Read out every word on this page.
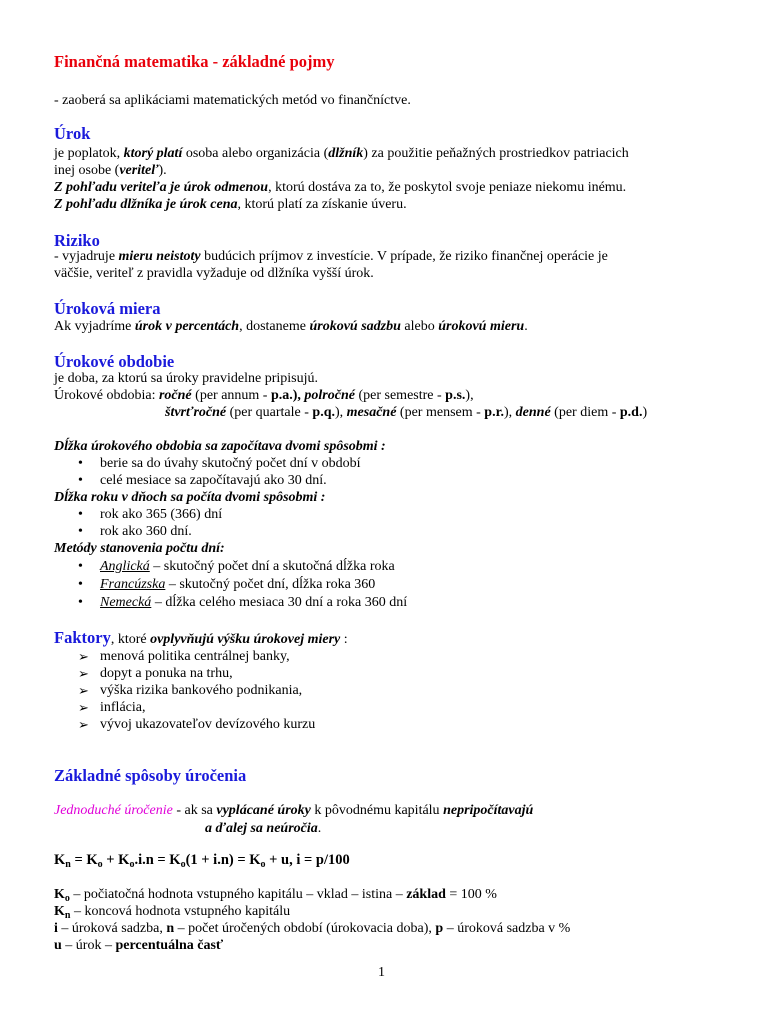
Finančná matematika - základné pojmy
- zaoberá sa aplikáciami matematických metód vo finančníctve.
Úrok
je poplatok, ktorý platí osoba alebo organizácia (dlžník) za použitie peňažných prostriedkov patriacich
inej osobe (veriteľ).
Z pohľadu veriteľa je úrok odmenou, ktorú dostáva za to, že poskytol svoje peniaze niekomu inému.
Z pohľadu dlžníka je úrok cena, ktorú platí za získanie úveru.
Riziko
- vyjadruje mieru neistoty budúcich príjmov z investície. V prípade, že riziko finančnej operácie je
väčšie, veriteľ z pravidla vyžaduje od dlžníka vyšší úrok.
Úroková miera
Ak vyjadríme úrok v percentách, dostaneme úrokovú sadzbu alebo úrokovú mieru.
Úrokové obdobie
je doba, za ktorú sa úroky pravidelne pripisujú.
Úrokové obdobia: ročné (per annum - p.a.), polročné (per semestre - p.s.),
štvrťročné (per quartale - p.q.), mesačné (per mensem - p.r.), denné (per diem - p.d.)
Dĺžka úrokového obdobia sa započítava dvomi spôsobmi :
• berie sa do úvahy skutočný počet dní v období
• celé mesiace sa započítavajú ako 30 dní.
Dĺžka roku v dňoch sa počíta dvomi spôsobmi :
• rok ako 365 (366) dní
• rok ako 360 dní.
Metódy stanovenia počtu dní:
• Anglická – skutočný počet dní a skutočná dĺžka roka
• Francúzska – skutočný počet dní, dĺžka roka 360
• Nemecká – dĺžka celého mesiaca 30 dní a roka 360 dní
Faktory, ktoré ovplyvňujú výšku úrokovej miery :
➢ menová politika centrálnej banky,
➢ dopyt a ponuka na trhu,
➢ výška rizika bankového podnikania,
➢ inflácia,
➢ vývoj ukazovateľov devízového kurzu
Základné spôsoby úročenia
Jednoduché úročenie - ak sa vyplácané úroky k pôvodnému kapitálu nepripočítavajú
a ďalej sa neúročia.
$K_n = K_o + K_o.i.n = K_o(1 + i.n) = K_o + u$, i = p/100
$K_o$ – počiatočná hodnota vstupného kapitálu – vklad – istina – základ = 100 %
$K_n$ – koncová hodnota vstupného kapitálu
i – úroková sadzba, n – počet úročených období (úrokovacia doba), p – úroková sadzba v %
u – úrok – percentuálna časť
1
